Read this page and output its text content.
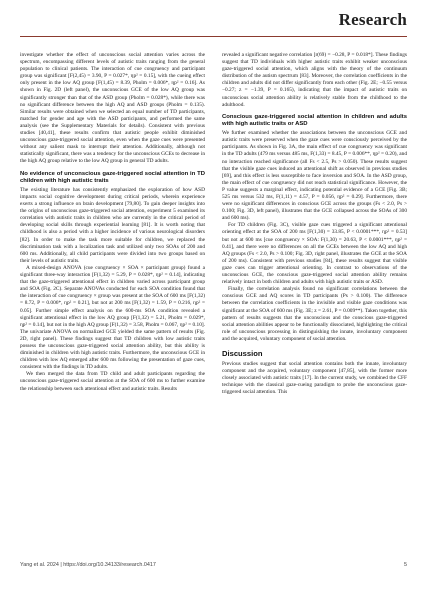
Research

investigate whether the effect of unconscious social attention varies across the spectrum, encompassing different levels of autistic traits ranging from the general population to clinical patients. The interaction of cue congruency and participant group was significant [F(2,45) = 3.90, P = 0.027*, ηp² = 0.15], with the cueing effect only present in the low AQ group [F(1,45) = 8.39, Pholm = 0.006*, ηp² = 0.16]. As shown in Fig. 2D (left panel), the unconscious GCE of the low AQ group was significantly stronger than that of the ASD group (Pholm = 0.028*), while there was no significant difference between the high AQ and ASD groups (Pholm = 0.135). Similar results were obtained when we selected an equal number of TD participants, matched for gender and age with the ASD participants, and performed the same analysis (see the Supplementary Materials for details). Consistent with previous studies [40,41], these results confirm that autistic people exhibit diminished unconscious gaze-triggered social attention, even when the gaze cues were presented without any salient mask to interrupt their attention. Additionally, although not statistically significant, there was a tendency for the unconscious GCEs to decrease in the high AQ group relative to the low AQ group in general TD adults.

No evidence of unconscious gaze-triggered social attention in TD children with high autistic traits

The existing literature has consistently emphasized the exploration of how ASD impacts social cognitive development during critical periods, wherein experience exerts a strong influence on brain development [79,80]. To gain deeper insights into the origins of unconscious gaze-triggered social attention, experiment 5 examined its correlation with autistic traits in children who are currently in the critical period of developing social skills through experiential learning [81]. It is worth noting that childhood is also a period with a higher incidence of various neurological disorders [82]. In order to make the task more suitable for children, we replaced the discrimination task with a localization task and utilized only two SOAs of 200 and 600 ms. Additionally, all child participants were divided into two groups based on their levels of autistic traits.

A mixed-design ANOVA (cue congruency × SOA × participant group) found a significant three-way interaction [F(1,32) = 5.29, P = 0.028*, ηp² = 0.14], indicating that the gaze-triggered attentional effect in children varied across participant group and SOA (Fig. 2C). Separate ANOVAs conducted for each SOA condition found that the interaction of cue congruency × group was present at the SOA of 600 ms [F(1,32) = 8.72, P = 0.006*, ηp² = 0.21], but not at 200 ms [F(1,32) = 1.59, P = 0.216, ηp² = 0.05]. Further simple effect analysis on the 600-ms SOA condition revealed a significant attentional effect in the low AQ group [F(1,32) = 5.21, Pholm = 0.029*, ηp² = 0.14], but not in the high AQ group [F(1,32) = 3.58, Pholm = 0.067, ηp² = 0.10]. The univariate ANOVA on normalized GCE yielded the same pattern of results (Fig. 2D, right panel). These findings suggest that TD children with low autistic traits possess the unconscious gaze-triggered social attention ability, but this ability is diminished in children with high autistic traits. Furthermore, the unconscious GCE in children with low AQ emerged after 600 ms following the presentation of gaze cues, consistent with the findings in TD adults.

We then merged the data from TD child and adult participants regarding the unconscious gaze-triggered social attention at the SOA of 600 ms to further examine the relationship between such attentional effect and autistic traits. Results

revealed a significant negative correlation [r(69) = −0.28, P = 0.018*]. These findings suggest that TD individuals with higher autistic traits exhibit weaker unconscious gaze-triggered social attention, which aligns with the theory of the continuum distribution of the autism spectrum [83]. Moreover, the correlation coefficients in the children and adults did not differ significantly from each other (Fig. 2E; −0.55 versus −0.27; z = −1.39, P = 0.165), indicating that the impact of autistic traits on unconscious social attention ability is relatively stable from the childhood to the adulthood.

Conscious gaze-triggered social attention in children and adults with high autistic traits or ASD

We further examined whether the associations between the unconscious GCE and autistic traits were preserved when the gaze cues were consciously perceived by the participants. As shown in Fig. 3A, the main effect of cue congruency was significant in the TD adults (479 ms versus 485 ms, F(1,33) = 8.45, P = 0.006**, ηp² = 0.20), and no interaction reached significance (all Fs < 2.5, Ps > 0.050). These results suggest that the visible gaze cues induced an attentional shift as observed in previous studies [69], and this effect is less susceptible to face inversion and SOA. In the ASD group, the main effect of cue congruency did not reach statistical significance. However, the P value suggests a marginal effect, indicating potential evidence of a GCE [Fig. 3B; 525 ms versus 532 ms, F(1,11) = 4.57, P = 0.056, ηp² = 0.29]. Furthermore, there were no significant differences in conscious GCE across the groups (Fs < 2.0, Ps > 0.100; Fig. 3D, left panel), illustrates that the GCE collapsed across the SOAs of 300 and 600 ms).

For TD children (Fig. 3C), visible gaze cues triggered a significant attentional orienting effect at the SOA of 200 ms [F(1,30) = 33.85, P < 0.0001***, ηp² = 0.53] but not at 600 ms [cue congruency × SOA: F(1,30) = 20.63, P < 0.0001***, ηp² = 0.41], and there were no differences on all the GCEs between the low AQ and high AQ groups (Fs < 2.0, Ps > 0.100; Fig. 3D, right panel, illustrates the GCE at the SOA of 200 ms). Consistent with previous studies [84], these results suggest that visible gaze cues can trigger attentional orienting. In contrast to observations of the unconscious GCE, the conscious gaze-triggered social attention ability remains relatively intact in both children and adults with high autistic traits or ASD.

Finally, the correlation analysis found no significant correlations between the conscious GCE and AQ scores in TD participants (Ps > 0.100). The difference between the correlation coefficients in the invisible and visible gaze conditions was significant at the SOA of 600 ms (Fig. 3E; z = 2.61, P = 0.009**). Taken together, this pattern of results suggests that the unconscious and the conscious gaze-triggered social attention abilities appear to be functionally dissociated, highlighting the critical role of unconscious processing in distinguishing the innate, involuntary component and the acquired, voluntary component of social attention.

Discussion

Previous studies suggest that social attention contains both the innate, involuntary component and the acquired, voluntary component [47,85], with the former more closely associated with autistic traits [17]. In the current study, we combined the CFF technique with the classical gaze-cueing paradigm to probe the unconscious gaze-triggered social attention. This

Yang et al. 2024 | https://doi.org/10.34133/research.0417	5
